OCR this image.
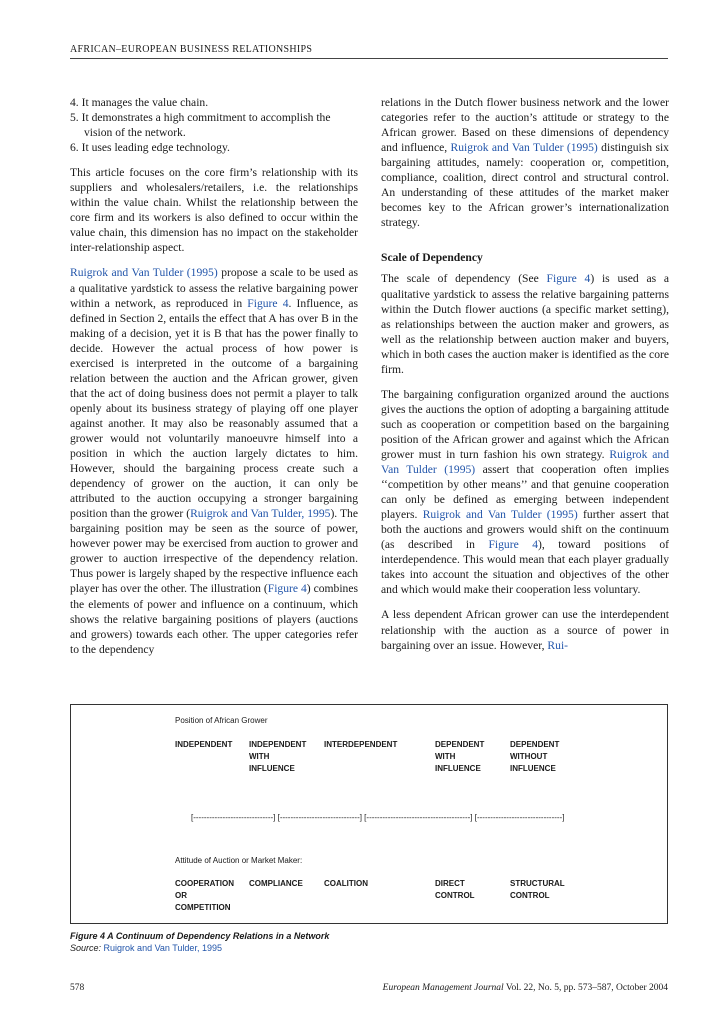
AFRICAN–EUROPEAN BUSINESS RELATIONSHIPS
4. It manages the value chain.
5. It demonstrates a high commitment to accomplish the vision of the network.
6. It uses leading edge technology.

This article focuses on the core firm’s relationship with its suppliers and wholesalers/retailers, i.e. the relationships within the value chain. Whilst the relationship between the core firm and its workers is also defined to occur within the value chain, this dimension has no impact on the stakeholder inter-relationship aspect.

Ruigrok and Van Tulder (1995) propose a scale to be used as a qualitative yardstick to assess the relative bargaining power within a network, as reproduced in Figure 4. Influence, as defined in Section 2, entails the effect that A has over B in the making of a decision, yet it is B that has the power finally to decide. However the actual process of how power is exercised is interpreted in the outcome of a bargaining relation between the auction and the African grower, given that the act of doing business does not permit a player to talk openly about its business strategy of playing off one player against another. It may also be reasonably assumed that a grower would not voluntarily manoeuvre himself into a position in which the auction largely dictates to him. However, should the bargaining process create such a dependency of grower on the auction, it can only be attributed to the auction occupying a stronger bargaining position than the grower (Ruigrok and Van Tulder, 1995). The bargaining position may be seen as the source of power, however power may be exercised from auction to grower and grower to auction irrespective of the dependency relation. Thus power is largely shaped by the respective influence each player has over the other. The illustration (Figure 4) combines the elements of power and influence on a continuum, which shows the relative bargaining positions of players (auctions and growers) towards each other. The upper categories refer to the dependency

relations in the Dutch flower business network and the lower categories refer to the auction’s attitude or strategy to the African grower. Based on these dimensions of dependency and influence, Ruigrok and Van Tulder (1995) distinguish six bargaining attitudes, namely: cooperation or, competition, compliance, coalition, direct control and structural control. An understanding of these attitudes of the market maker becomes key to the African grower’s internationalization strategy.

Scale of Dependency

The scale of dependency (See Figure 4) is used as a qualitative yardstick to assess the relative bargaining patterns within the Dutch flower auctions (a specific market setting), as relationships between the auction maker and growers, as well as the relationship between auction maker and buyers, which in both cases the auction maker is identified as the core firm.

The bargaining configuration organized around the auctions gives the auctions the option of adopting a bargaining attitude such as cooperation or competition based on the bargaining position of the African grower and against which the African grower must in turn fashion his own strategy. Ruigrok and Van Tulder (1995) assert that cooperation often implies ‘‘competition by other means’’ and that genuine cooperation can only be defined as emerging between independent players. Ruigrok and Van Tulder (1995) further assert that both the auctions and growers would shift on the continuum (as described in Figure 4), toward positions of interdependence. This would mean that each player gradually takes into account the situation and objectives of the other and which would make their cooperation less voluntary.

A less dependent African grower can use the interdependent relationship with the auction as a source of power in bargaining over an issue. However, Rui-

Position of African Grower
INDEPENDENT	INDEPENDENT
WITH
INFLUENCE
INTERDEPENDENT	DEPENDENT
WITH
INFLUENCE
DEPENDENT
WITHOUT
INFLUENCE
[------------------------------] [------------------------------] [---------------------------------------] [--------------------------------]
Attitude of Auction or Market Maker:
COOPERATION
OR
COMPETITION
COMPLIANCE	COALITION	DIRECT
CONTROL
STRUCTURAL
CONTROL
Figure 4 A Continuum of Dependency Relations in a Network
Source: Ruigrok and Van Tulder, 1995
578	European Management Journal Vol. 22, No. 5, pp. 573–587, October 2004
